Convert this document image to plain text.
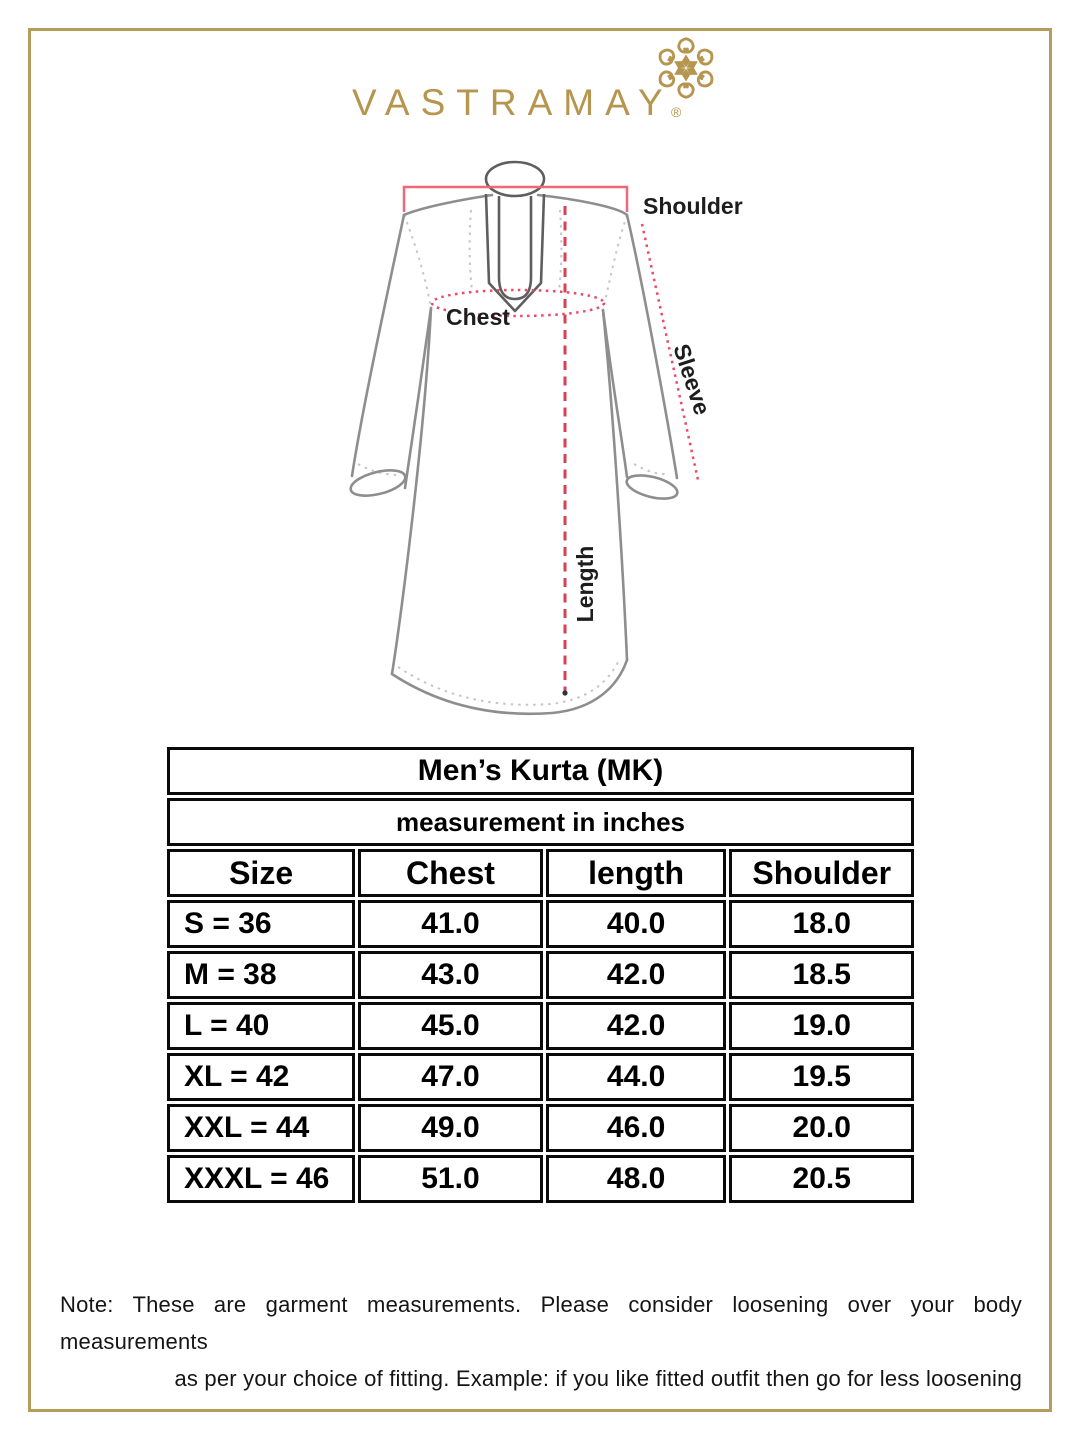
VASTRAMAY
®
Shoulder
Chest
Sleeve
Length
Men’s Kurta (MK)			
measurement in inches			
Size	Chest	length	Shoulder
S = 36	41.0	40.0	18.0
M = 38	43.0	42.0	18.5
L = 40	45.0	42.0	19.0
XL = 42	47.0	44.0	19.5
XXL = 44	49.0	46.0	20.0
XXXL = 46	51.0	48.0	20.5
Note: These are garment measurements. Please consider loosening over your body measurements
as per your choice of fitting. Example: if you like fitted outfit then go for less loosening
